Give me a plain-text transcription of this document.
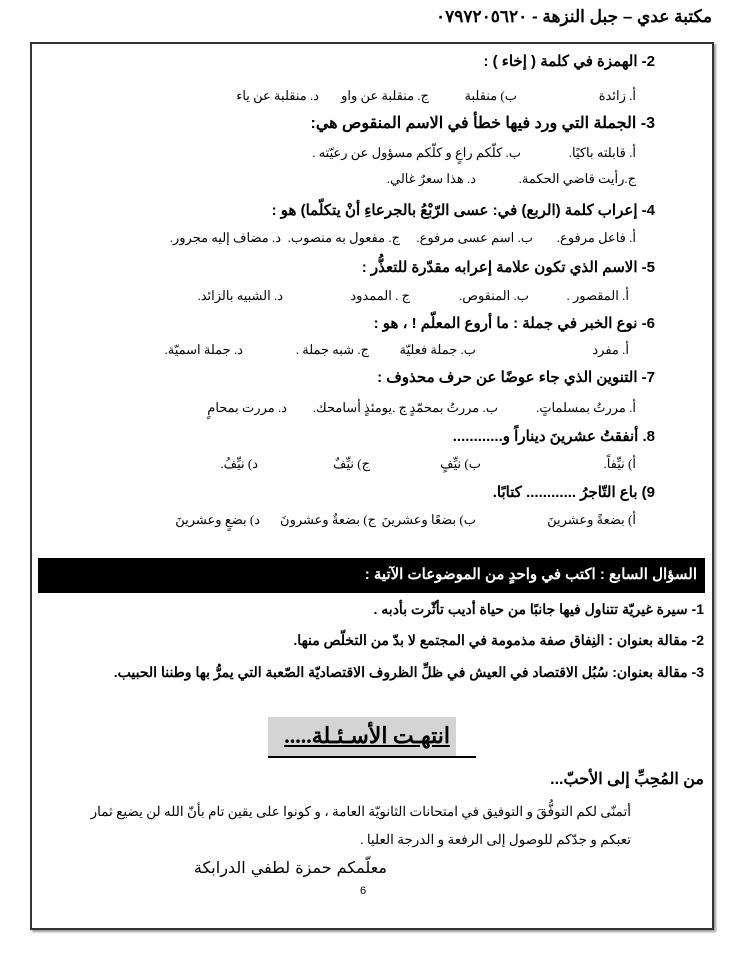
مكتبة عدي – جبل النزهة - ٠٧٩٧٢٠٥٦٢٠
2- الهمزة في كلمة ( إخاء ) :
أ. زائدة
ب) منقلبة
ج. منقلبة عن واو
د. منقلبة عن ياء
3- الجملة التي ورد فيها خطأ في الاسم المنقوص هي:
أ. قابلته باكيًا.
ب. كلّكم راعٍ و كلّكم مسؤول عن رعيّته .
ج.رأيت قاضي الحكمة.
د. هذا سعرٌ غالي.
4- إعراب كلمة (الربع) في: عسى الرّبْعُ بالجرعاءِ أنْ يتكلّما) هو :
أ. فاعل مرفوع.
ب. اسم عسى مرفوع.
ج. مفعول به منصوب.
د. مضاف إليه مجرور.
5- الاسم الذي تكون علامة إعرابه مقدّرة للتعذُّر :
أ. المقصور .
ب. المنقوص.
ج . الممدود
د. الشبيه بالزائد.
6- نوع الخبر في جملة : ما أروع المعلّم ! ، هو :
أ. مفرد
ب. جملة فعليّة
ج. شبه جملة .
د. جملة اسميّة.
7- التنوين الذي جاء عوضًا عن حرف محذوف :
أ. مررتُ بمسلماتٍ.
ب. مررتُ بمحمّدٍ .
ج .يومئذٍ أسامحك.
د. مررت بمحامٍ
8. أنفقتُ عشرينَ ديناراً و............
أ) نيِّفاً.
ب) نيِّفٍ
ج) نيِّفٌ
د) نيِّفُ.
9) باع التّاجرُ ............ كتابًا.
أ) بضعةً وعشرينَ
ب) بضعًا وعشرينَ
ج) بضعةٌ وعشرونَ
د) بضعٍ وعشرينَ
السؤال السابع : اكتب في واحدٍ من الموضوعات الآتية :
1- سيرة غيريّة تتناول فيها جانبًا من حياة أديب تأثّرت بأدبه .
2- مقالة بعنوان : النِفاق صفة مذمومة في المجتمع لا بدّ من التخلّص منها.
3- مقالة بعنوان: سُبُل الاقتصاد في العيش في ظلِّ الظروف الاقتصاديّة الصّعبة التي يمرُّ بها وطننا الحبيب.
انتهـت الأسـئـلة.....
من المُحِبِّ إلى الأحبّ...
أتمنّى لكم التوفُّقَ و التوفيق في امتحانات الثانويّة العامة ، و كونوا على يقين تام بأنّ الله لن يضيع ثمار
تعبكم و جدّكم للوصول إلى الرفعة و الدرجة العليا .
معلّمكم حمزة لطفي الدرابكة
6
